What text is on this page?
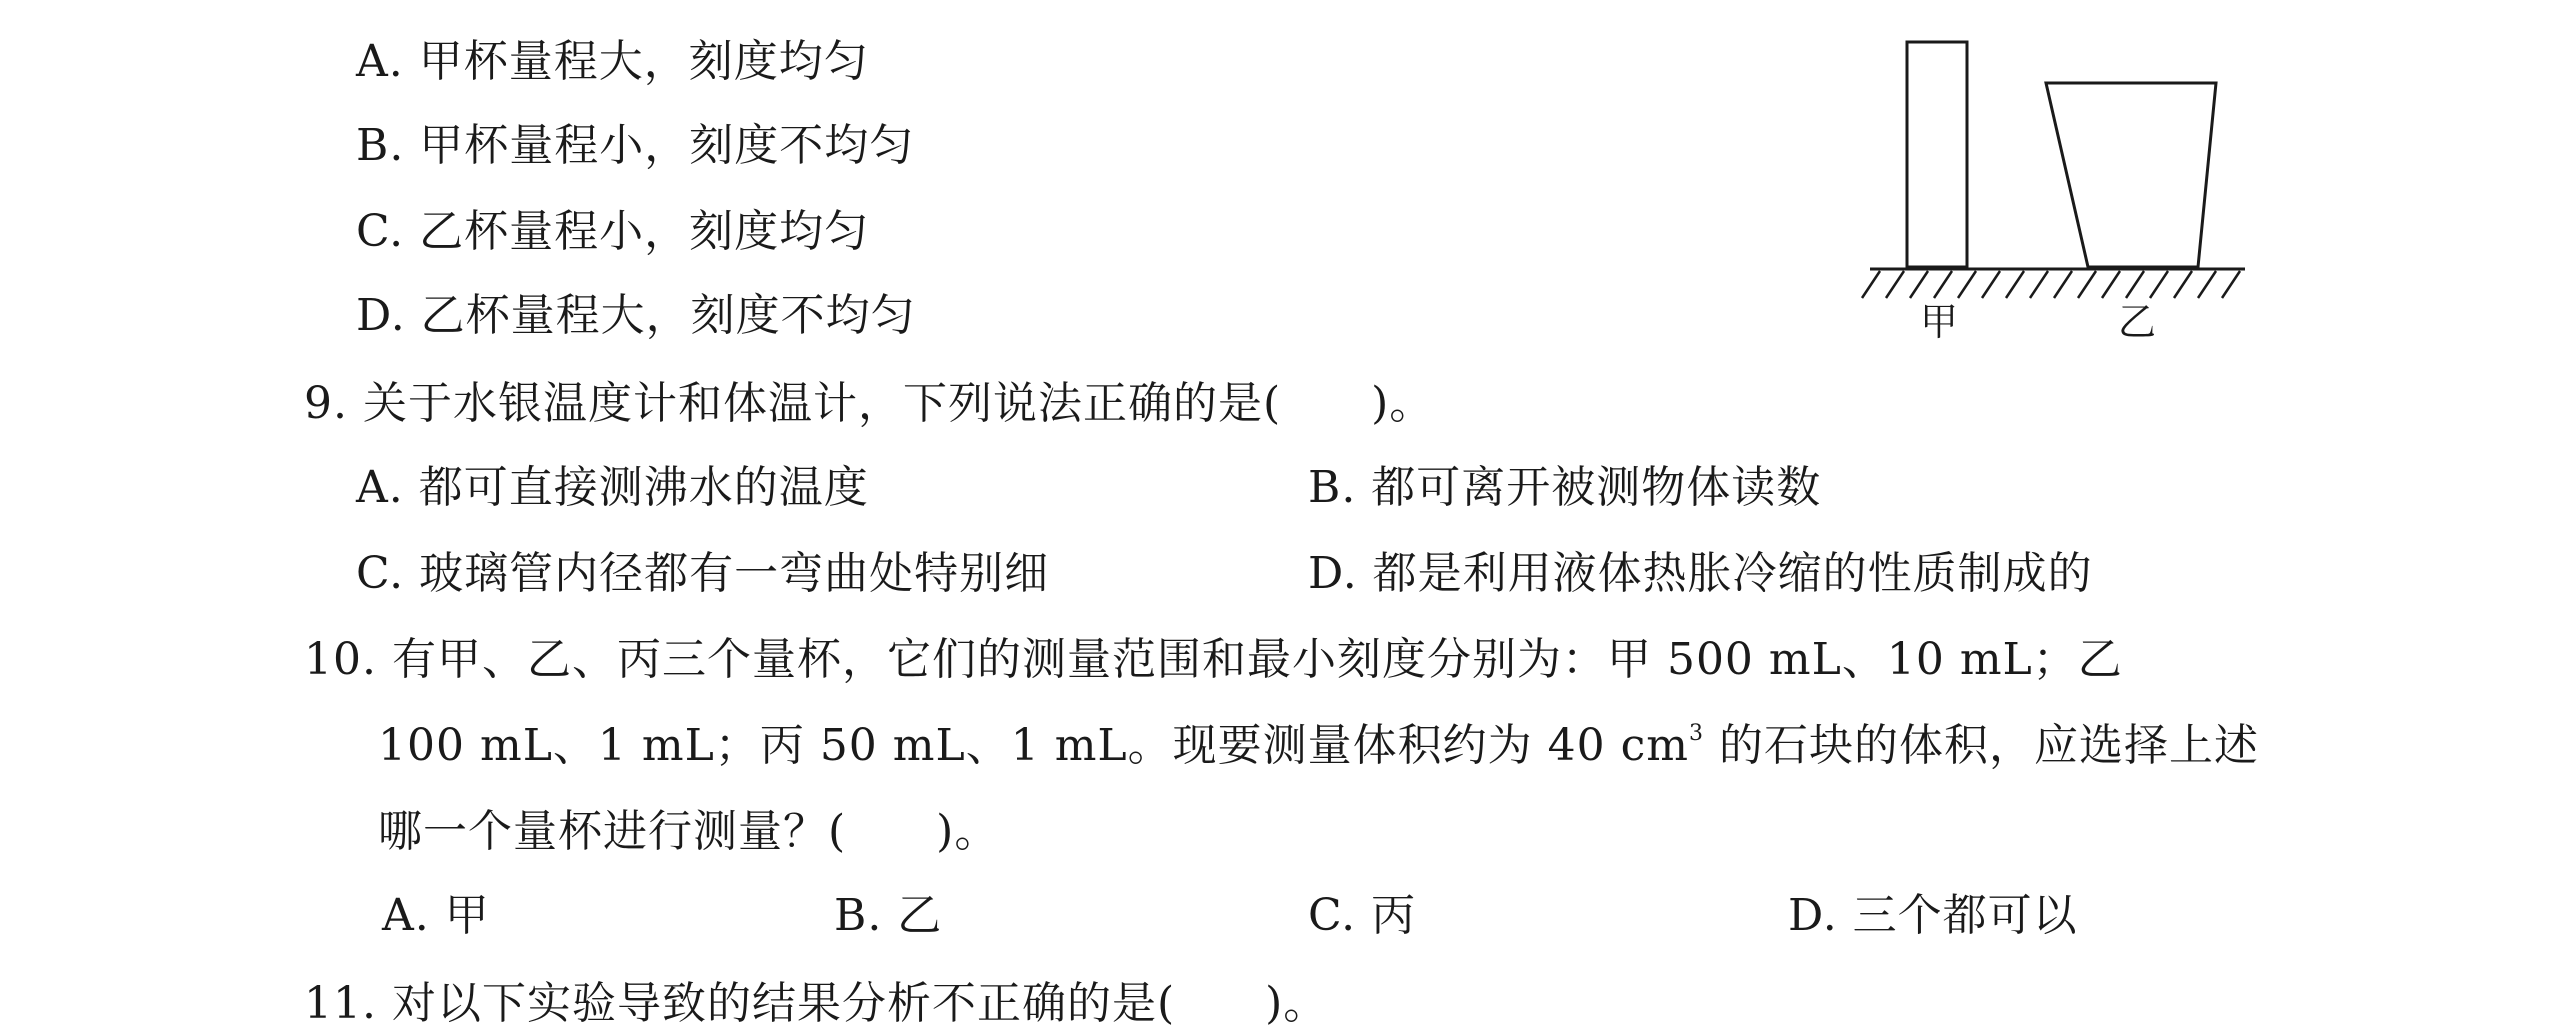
A. 甲杯量程大，刻度均匀
B. 甲杯量程小，刻度不均匀
C. 乙杯量程小，刻度均匀
D. 乙杯量程大，刻度不均匀	甲	乙
9. 关于水银温度计和体温计，下列说法正确的是(　　)。
A. 都可直接测沸水的温度	B. 都可离开被测物体读数
C. 玻璃管内径都有一弯曲处特别细	D. 都是利用液体热胀冷缩的性质制成的
10. 有甲、乙、丙三个量杯，它们的测量范围和最小刻度分别为：甲 500 mL、10 mL；乙
100 mL、1 mL；丙 50 mL、1 mL。现要测量体积约为 40 $cm^3$ 的石块的体积，应选择上述
哪一个量杯进行测量？(　　)。
A. 甲	B. 乙	C. 丙	D. 三个都可以
11. 对以下实验导致的结果分析不正确的是(　　)。
